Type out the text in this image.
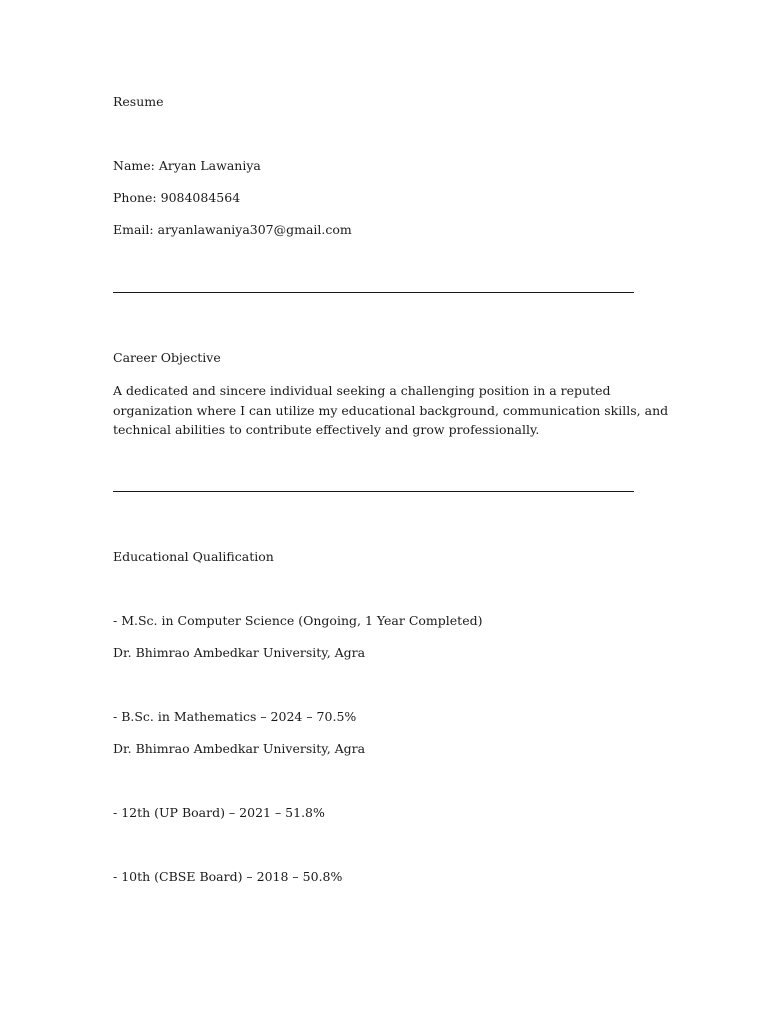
Resume
Name: Aryan Lawaniya
Phone: 9084084564
Email: aryanlawaniya307@gmail.com
Career Objective
A dedicated and sincere individual seeking a challenging position in a reputed organization where I can utilize my educational background, communication skills, and technical abilities to contribute effectively and grow professionally.
Educational Qualification
- M.Sc. in Computer Science (Ongoing, 1 Year Completed)
Dr. Bhimrao Ambedkar University, Agra
- B.Sc. in Mathematics – 2024 – 70.5%
Dr. Bhimrao Ambedkar University, Agra
- 12th (UP Board) – 2021 – 51.8%
- 10th (CBSE Board) – 2018 – 50.8%
